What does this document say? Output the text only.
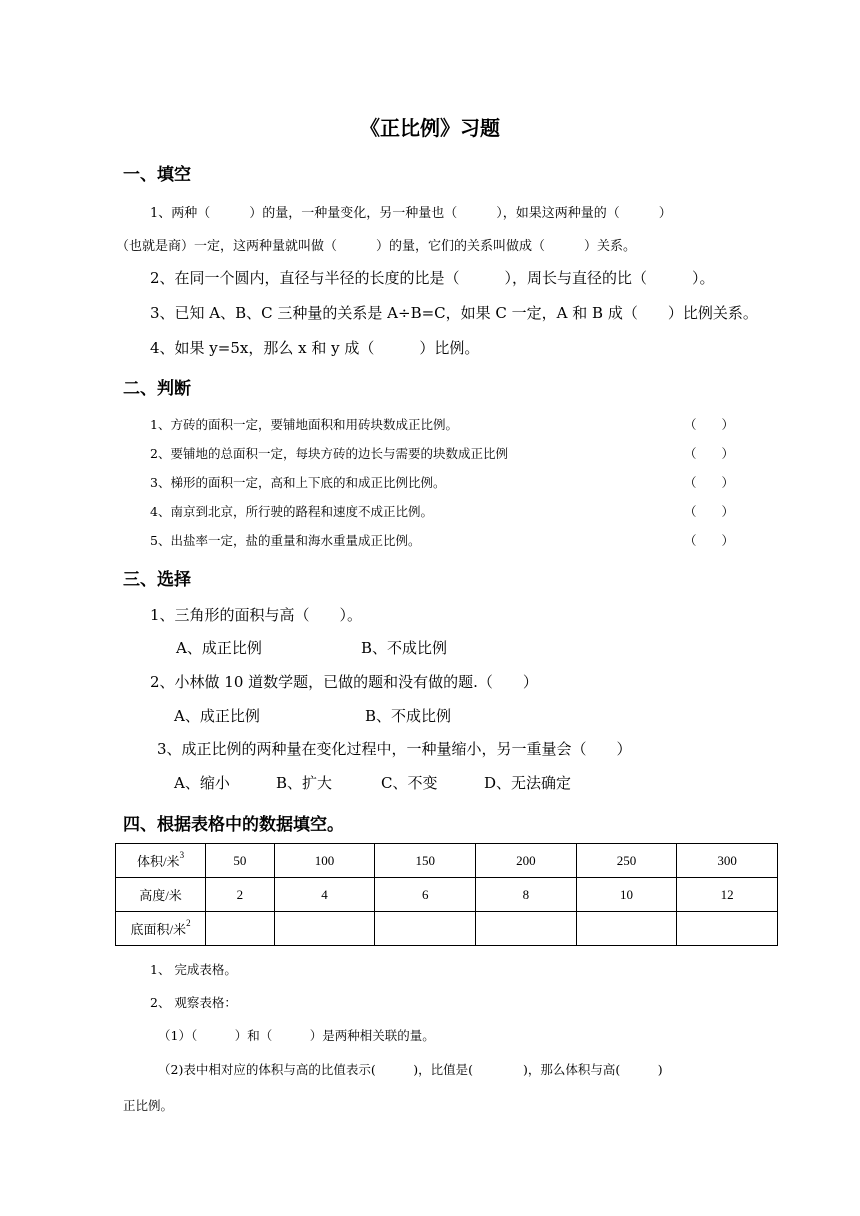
《正比例》习题
一、填空
1、两种（　　　）的量，一种量变化，另一种量也（　　　），如果这两种量的（　　　）
（也就是商）一定，这两种量就叫做（　　　）的量，它们的关系叫做成（　　　）关系。
2、在同一个圆内，直径与半径的长度的比是（　　　），周长与直径的比（　　　）。
3、已知 A、B、C 三种量的关系是 A÷B=C，如果 C 一定，A 和 B 成（　　）比例关系。
4、如果 y=5x，那么 x 和 y 成（　　　）比例。
二、判断
1、方砖的面积一定，要铺地面积和用砖块数成正比例。	（　　）
2、要铺地的总面积一定，每块方砖的边长与需要的块数成正比例	（　　）
3、梯形的面积一定，高和上下底的和成正比例比例。	（　　）
4、南京到北京，所行驶的路程和速度不成正比例。	（　　）
5、出盐率一定，盐的重量和海水重量成正比例。	（　　）
三、选择
1、三角形的面积与高（　　）。
A、成正比例	B、不成比例
2、小林做 10 道数学题，已做的题和没有做的题.（　　）
A、成正比例	B、不成比例
3、成正比例的两种量在变化过程中，一种量缩小，另一重量会（　　）
A、缩小	B、扩大	C、不变	D、无法确定
四、根据表格中的数据填空。
体积/米$^3$	50	100	150	200	250	300
高度/米	2	4	6	8	10	12
底面积/米$^2$						
1、 完成表格。
2、 观察表格：
（1）（　　　）和（　　　）是两种相关联的量。
（2)表中相对应的体积与高的比值表示(　　　)，比值是(　　　　)，那么体积与高(　　　)
正比例。
